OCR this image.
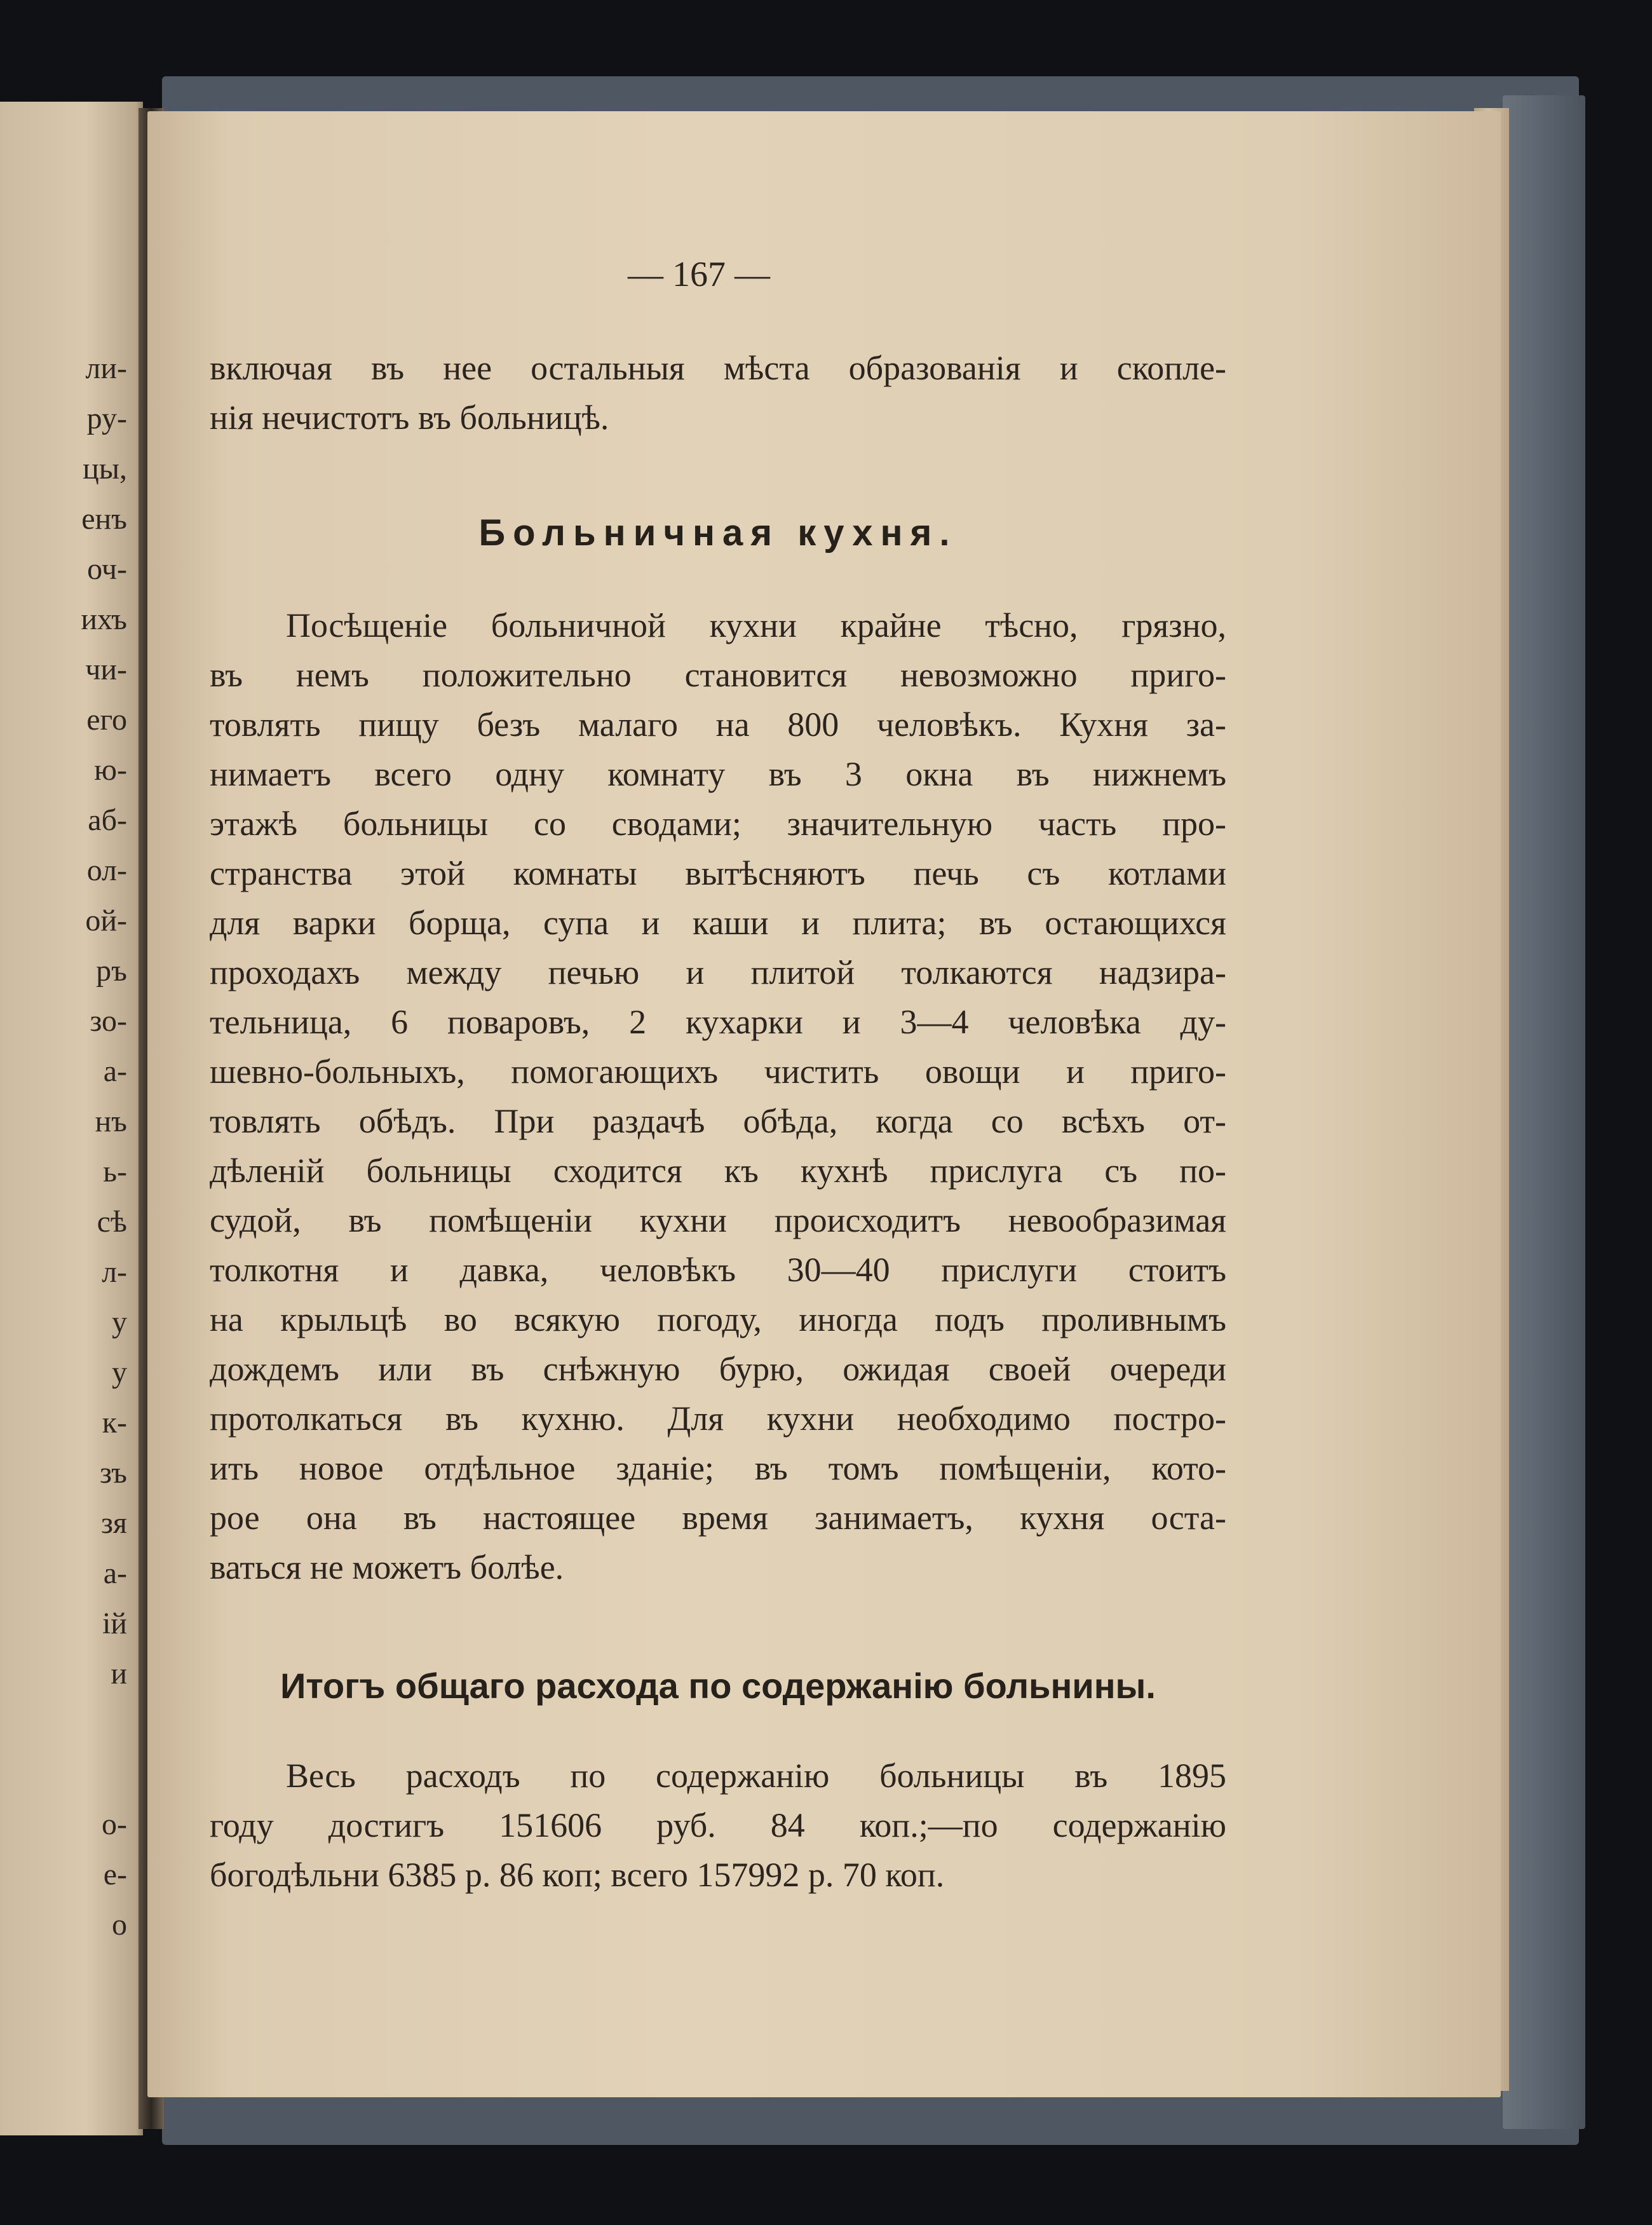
ли-
ру-
цы,
енъ
оч-
ихъ
чи-
его
ю-
аб-
ол-
ой-
ръ
зо-
а-
нъ
ь-
сѣ
л-
у
у
к-
зъ
зя
а-
ій
и
о-
е-
о
— 167 —

включая въ нее остальныя мѣста образованія и скопле-
нія нечистотъ въ больницѣ.

Больничная кухня.

Посѣщеніе больничной кухни крайне тѣсно, грязно,
въ немъ положительно становится невозможно приго-
товлять пищу безъ малаго на 800 человѣкъ. Кухня за-
нимаетъ всего одну комнату въ 3 окна въ нижнемъ
этажѣ больницы со сводами; значительную часть про-
странства этой комнаты вытѣсняютъ печь съ котлами
для варки борща, супа и каши и плита; въ остающихся
проходахъ между печью и плитой толкаются надзира-
тельница, 6 поваровъ, 2 кухарки и 3—4 человѣка ду-
шевно-больныхъ, помогающихъ чистить овощи и приго-
товлять обѣдъ. При раздачѣ обѣда, когда со всѣхъ от-
дѣленій больницы сходится къ кухнѣ прислуга съ по-
судой, въ помѣщеніи кухни происходитъ невообразимая
толкотня и давка, человѣкъ 30—40 прислуги стоитъ
на крыльцѣ во всякую погоду, иногда подъ проливнымъ
дождемъ или въ снѣжную бурю, ожидая своей очереди
протолкаться въ кухню. Для кухни необходимо постро-
ить новое отдѣльное зданіе; въ томъ помѣщеніи, кото-
рое она въ настоящее время занимаетъ, кухня оста-
ваться не можетъ болѣе.

Итогъ общаго расхода по содержанію больнины.

Весь расходъ по содержанію больницы въ 1895
году достигъ 151606 руб. 84 коп.;—по содержанію
богодѣльни 6385 р. 86 коп; всего 157992 р. 70 коп.
